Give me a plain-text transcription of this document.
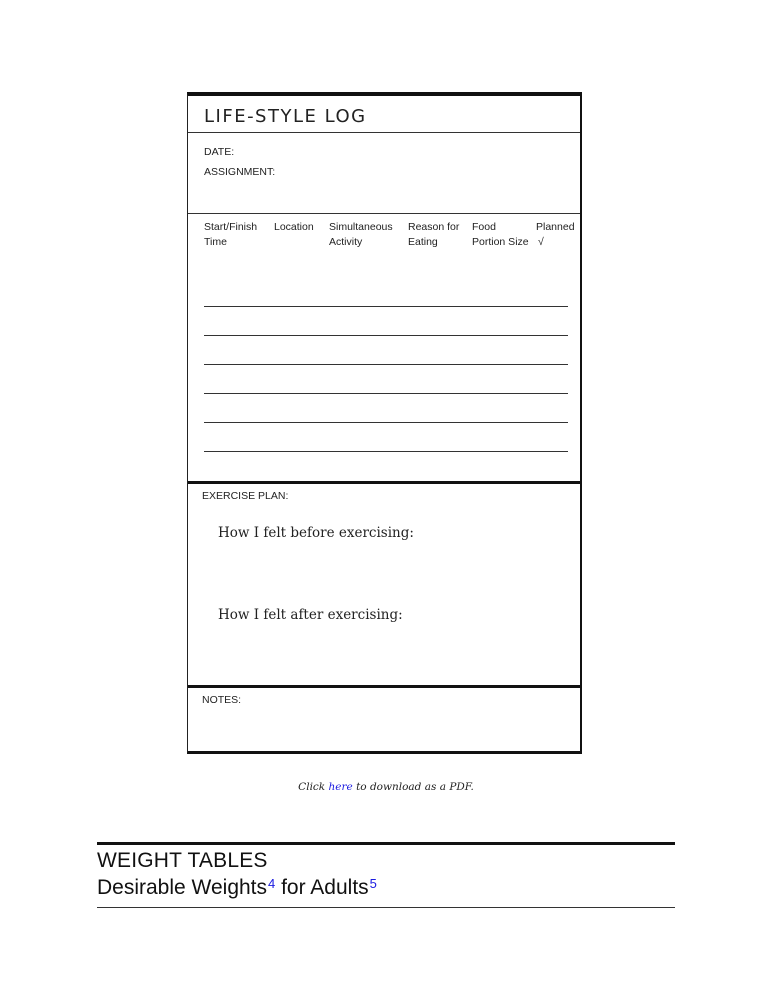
LIFE-STYLE LOG
DATE:
ASSIGNMENT:
Start/Finish
Time
Location Simultaneous
Activity
Reason for
Eating
Food
Portion Size
Planned
√
EXERCISE PLAN:
How I felt before exercising:
How I felt after exercising:
NOTES:
Click here to download as a PDF.
WEIGHT TABLES
Desirable Weights$^4$ for Adults$^5$
